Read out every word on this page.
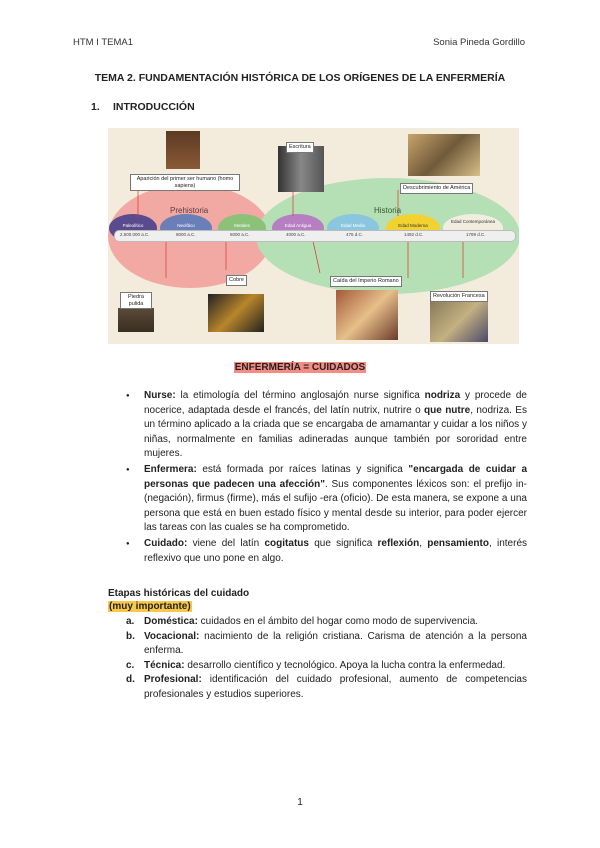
HTM I TEMA1	Sonia Pineda Gordillo
TEMA 2. FUNDAMENTACIÓN HISTÓRICA DE LOS ORÍGENES DE LA ENFERMERÍA
1. INTRODUCCIÓN
Prehistoria	Historia
Paleolítico	Neolítico	Metales	Edad Antigua	Edad Media	Edad Moderna
Edad Contemporánea
2.500.000 a.C.	8000 a.C.	6000 a.C.	4000 a.C.	476 d.C.	1492 d.C.	1789 d.C.
Aparición del primer ser humano (homo sapiens)
Escritura
Descubrimiento de América
Cobre
Piedra pulida
Caída del Imperio Romano
Revolución Francesa
ENFERMERÍA = CUIDADOS
● Nurse: la etimología del término anglosajón nurse significa nodriza y procede de nocerice, adaptada desde el francés, del latín nutrix, nutrire o que nutre, nodriza. Es un término aplicado a la criada que se encargaba de amamantar y cuidar a los niños y niñas, normalmente en familias adineradas aunque también por sororidad entre mujeres.
● Enfermera: está formada por raíces latinas y significa "encargada de cuidar a personas que padecen una afección". Sus componentes léxicos son: el prefijo in- (negación), firmus (firme), más el sufijo -era (oficio). De esta manera, se expone a una persona que está en buen estado físico y mental desde su interior, para poder ejercer las tareas con las cuales se ha comprometido.
● Cuidado: viene del latín cogitatus que significa reflexión, pensamiento, interés reflexivo que uno pone en algo.
Etapas históricas del cuidado
(muy importante)
a. Doméstica: cuidados en el ámbito del hogar como modo de supervivencia.
b. Vocacional: nacimiento de la religión cristiana. Carisma de atención a la persona enferma.
c. Técnica: desarrollo científico y tecnológico. Apoya la lucha contra la enfermedad.
d. Profesional: identificación del cuidado profesional, aumento de competencias profesionales y estudios superiores.
1
